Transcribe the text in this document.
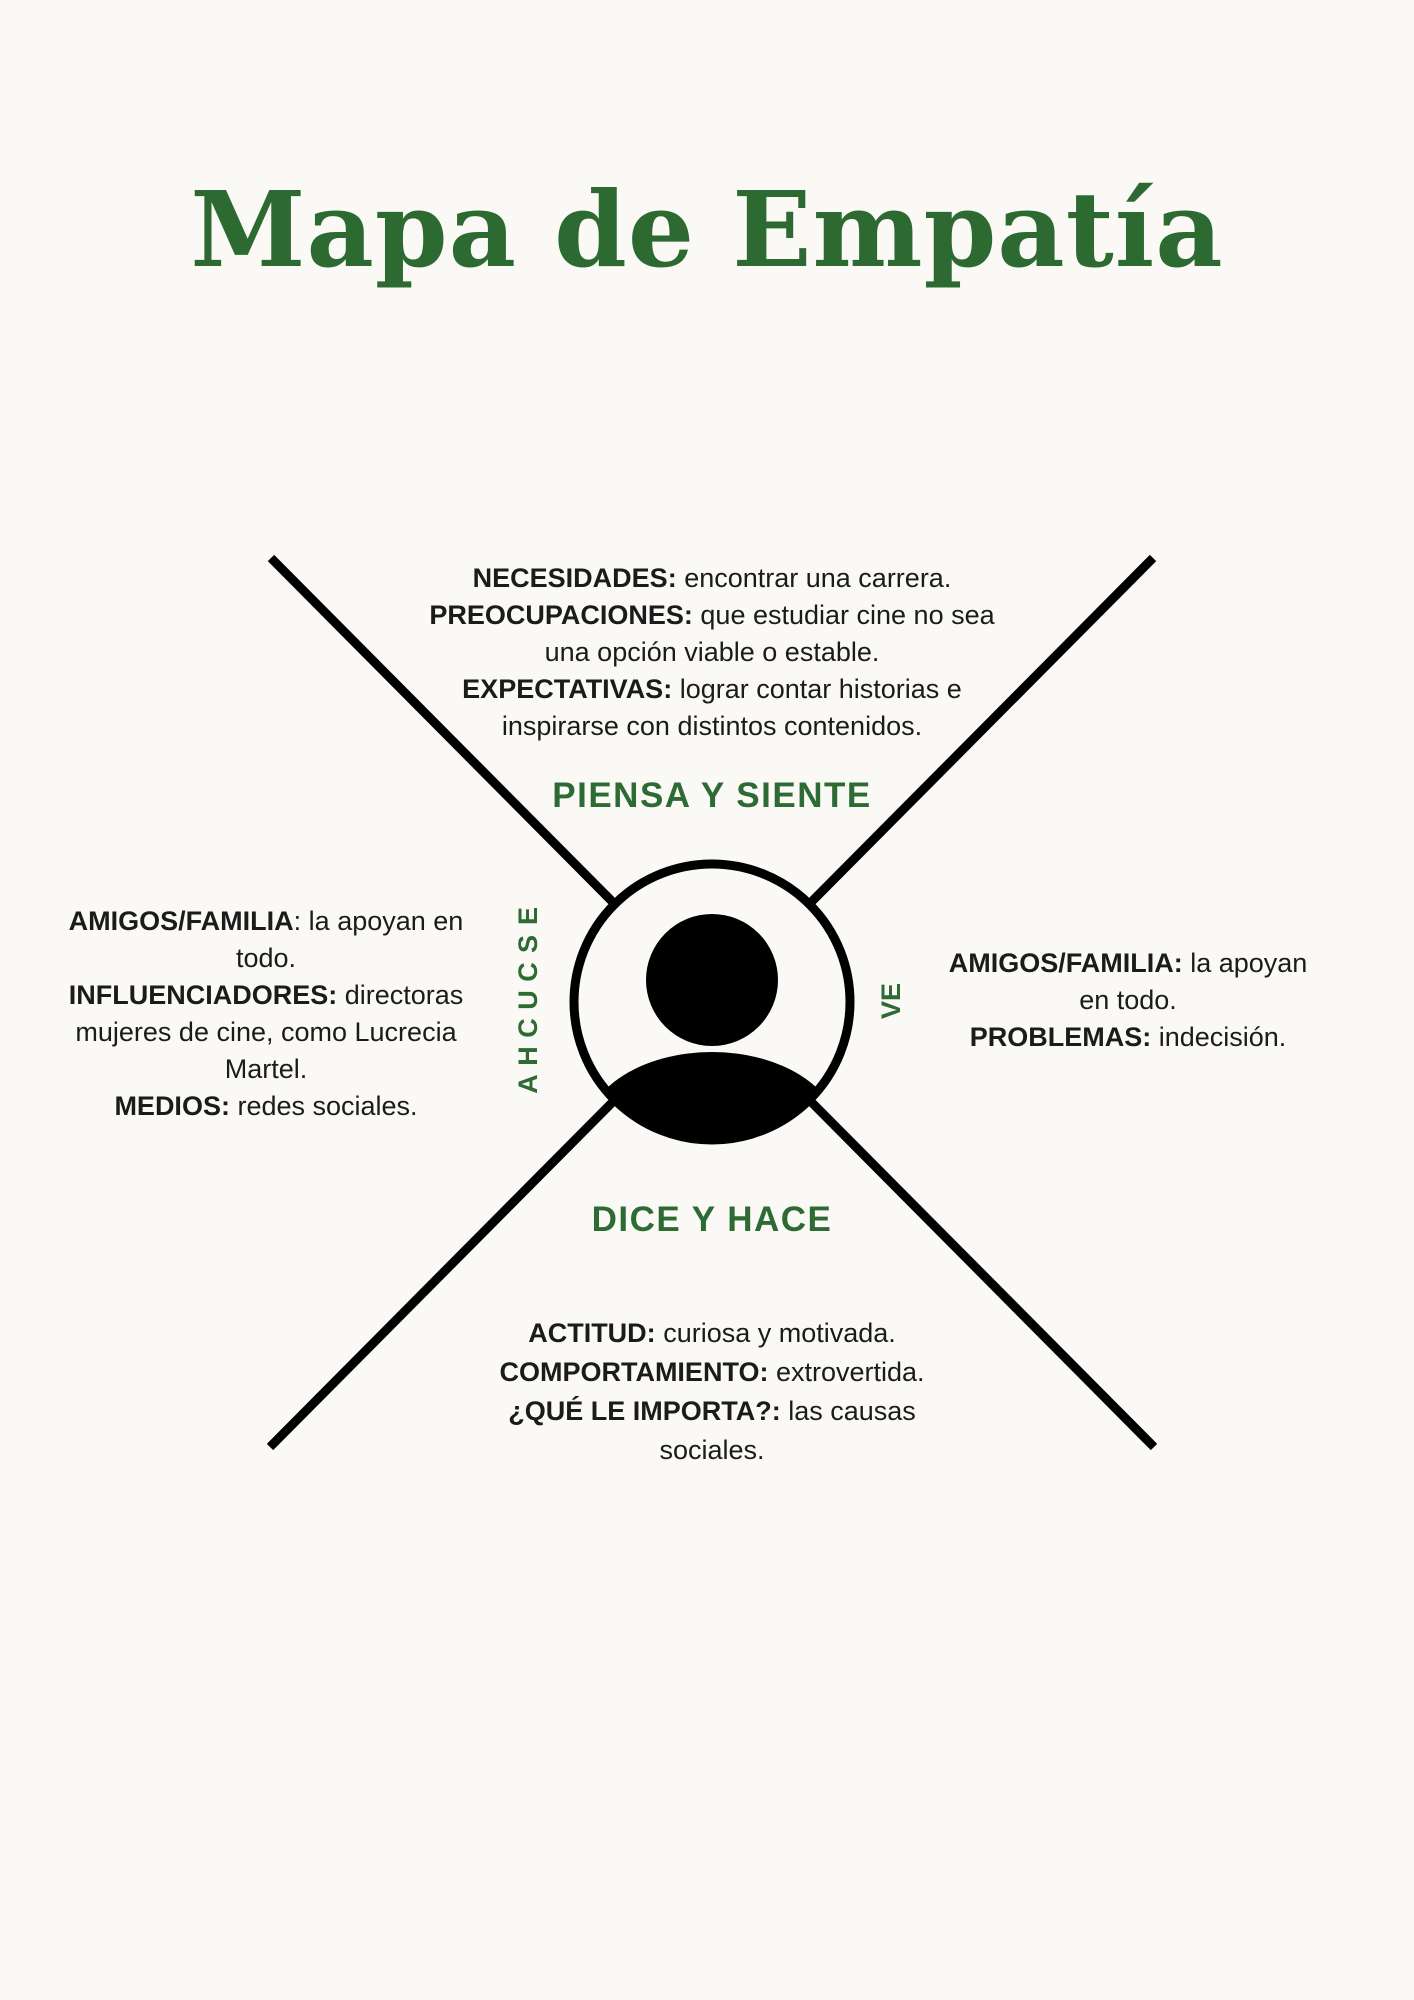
Mapa de Empatía
NECESIDADES: encontrar una carrera.
PREOCUPACIONES: que estudiar cine no sea
una opción viable o estable.
EXPECTATIVAS: lograr contar historias e
inspirarse con distintos contenidos.
PIENSA Y SIENTE
E
S
C
U
C
H
A
VE
AMIGOS/FAMILIA: la apoyan en
todo.
INFLUENCIADORES: directoras
mujeres de cine, como Lucrecia
Martel.
MEDIOS: redes sociales.
AMIGOS/FAMILIA: la apoyan
en todo.
PROBLEMAS: indecisión.
DICE Y HACE
ACTITUD: curiosa y motivada.
COMPORTAMIENTO: extrovertida.
¿QUÉ LE IMPORTA?: las causas
sociales.
